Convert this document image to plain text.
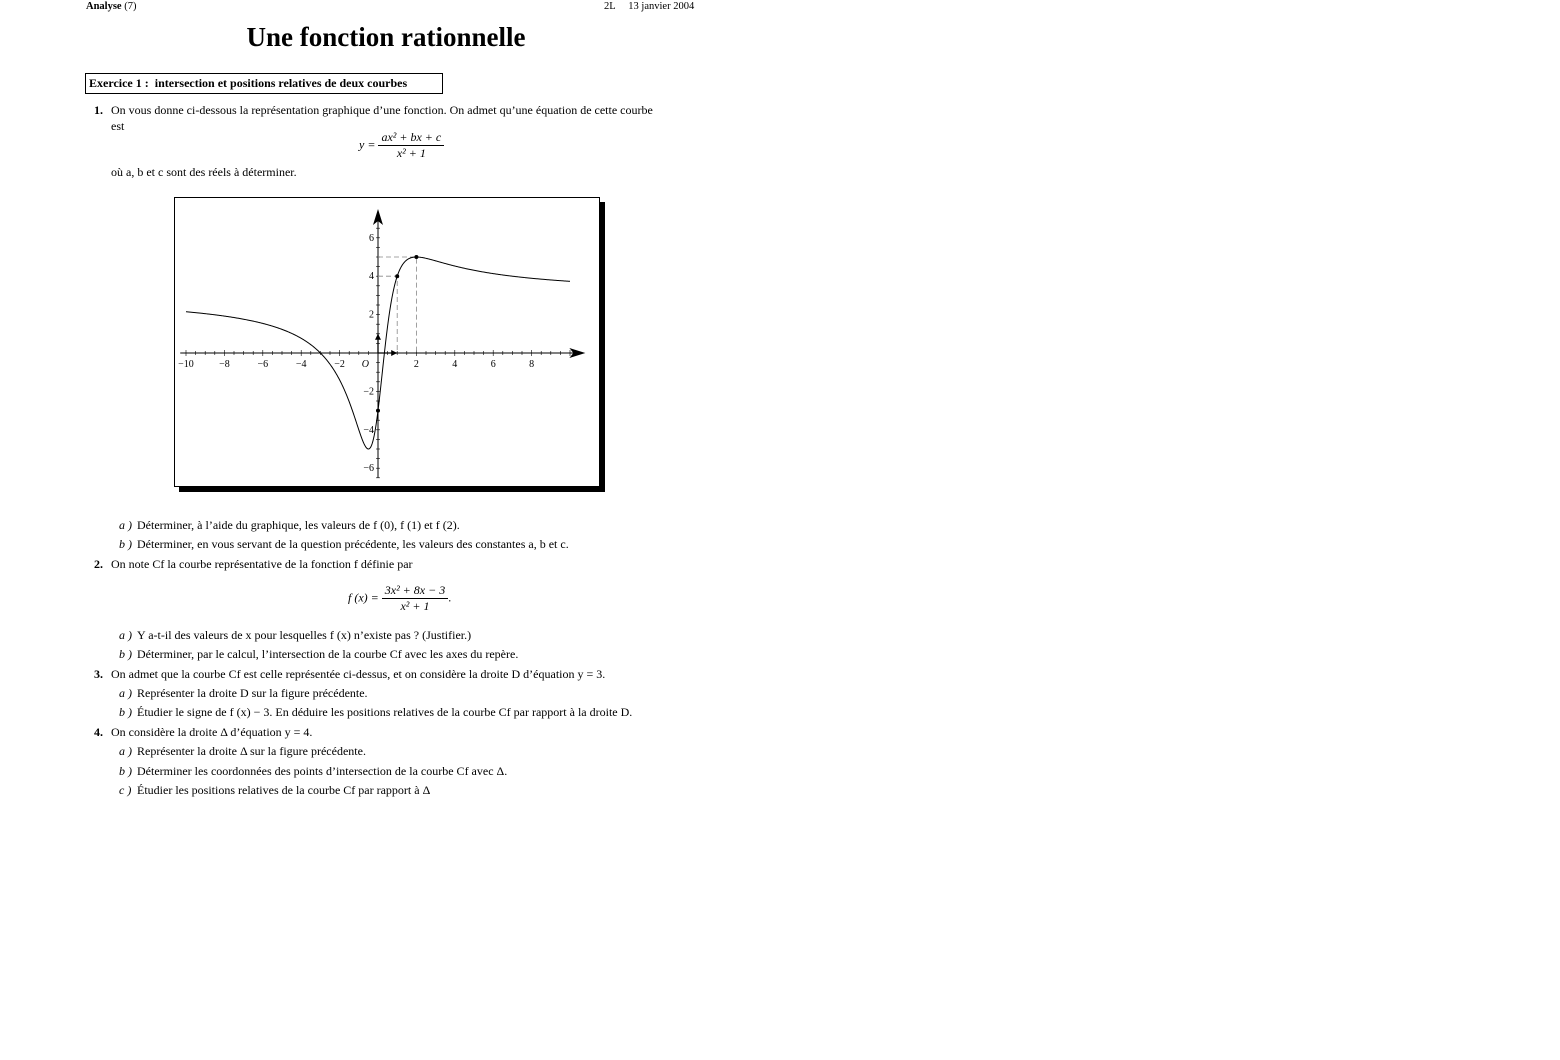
Analyse (7)	2L 13 janvier 2004
Une fonction rationnelle
Exercice 1 : intersection et positions relatives de deux courbes
1. On vous donne ci-dessous la représentation graphique d’une fonction. On admet qu’une équation de cette courbe
est
$y = \frac{\text{ax² + bx + c}}{\text{x² + 1}}$
où a, b et c sont des réels à déterminer.
−10	−8	−6	−4	−2	2	4	6	8
6
4
2
−2
−4
−6
O
a ) Déterminer, à l’aide du graphique, les valeurs de f (0), f (1) et f (2).
b ) Déterminer, en vous servant de la question précédente, les valeurs des constantes a, b et c.
2. On note Cf la courbe représentative de la fonction f définie par
f $(x) = \frac{\text{3x² + 8x − 3}}{\text{x² + 1}}$ .
a ) Y a-t-il des valeurs de x pour lesquelles f (x) n’existe pas ? (Justifier.)
b ) Déterminer, par le calcul, l’intersection de la courbe Cf avec les axes du repère.
3. On admet que la courbe Cf est celle représentée ci-dessus, et on considère la droite D d’équation y = 3.
a ) Représenter la droite D sur la figure précédente.
b ) Étudier le signe de f (x) − 3. En déduire les positions relatives de la courbe Cf par rapport à la droite D.
4. On considère la droite Δ d’équation y = 4.
a ) Représenter la droite Δ sur la figure précédente.
b ) Déterminer les coordonnées des points d’intersection de la courbe Cf avec Δ.
c ) Étudier les positions relatives de la courbe Cf par rapport à Δ
